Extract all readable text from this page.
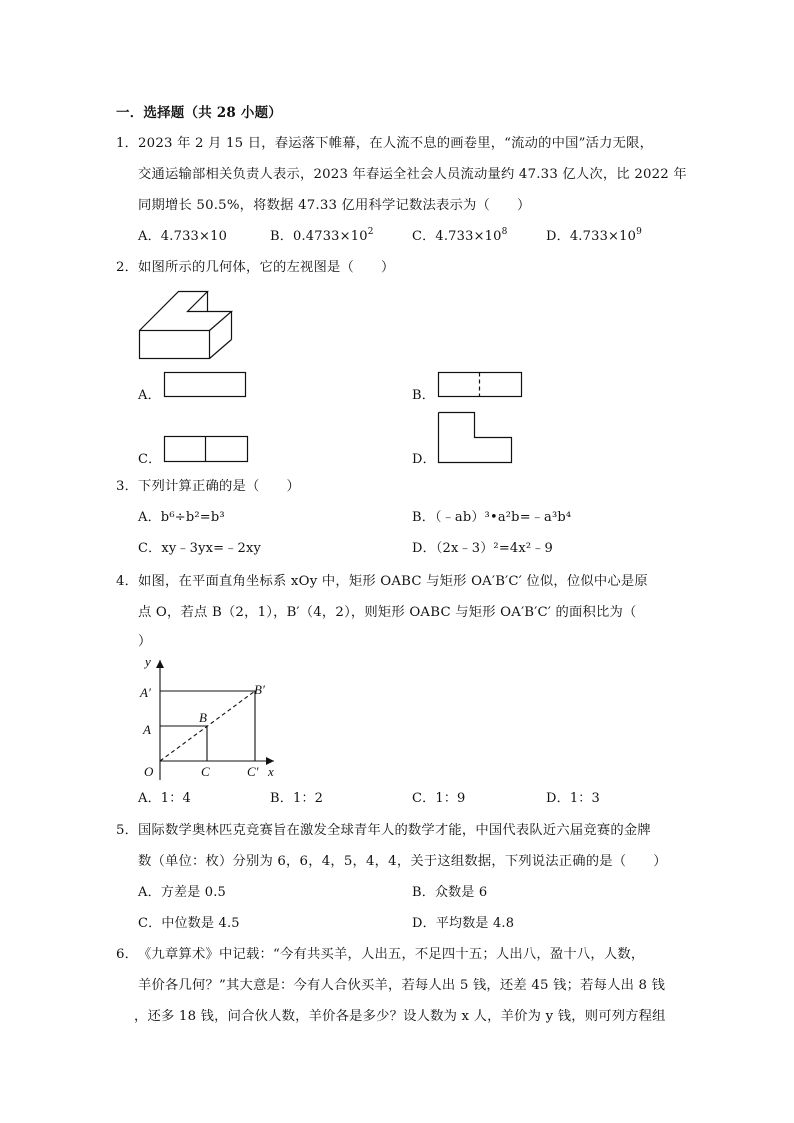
一．选择题（共 28 小题）
1． 2023 年 2 月 15 日，春运落下帷幕，在人流不息的画卷里，“流动的中国”活力无限，
交通运输部相关负责人表示，2023 年春运全社会人员流动量约 47.33 亿人次，比 2022 年
同期增长 50.5%，将数据 47.33 亿用科学记数法表示为（　　）
A．4.733×10	B．$0.4733\times 10^2$	C．$4.733\times 10^8$	D．$4.733\times 10^9$
2． 如图所示的几何体，它的左视图是（　　）
A．	B．
C．	D．
3． 下列计算正确的是（　　）
A．b⁶÷b²=b³	B．（﹣ab）³•a²b=﹣a³b⁴
C．xy﹣3yx=﹣2xy	D．（2x﹣3）²=4x²﹣9
4． 如图，在平面直角坐标系 xOy 中，矩形 OABC 与矩形 OA′B′C′ 位似，位似中心是原
点 O，若点 B（2，1），B′（4，2），则矩形 OABC 与矩形 OA′B′C′ 的面积比为（
）
y
x
O
A
A′
B
B′
C	C′
A．1：4	B．1：2	C．1：9	D．1：3
5． 国际数学奥林匹克竞赛旨在激发全球青年人的数学才能，中国代表队近六届竞赛的金牌
数（单位：枚）分别为 6，6，4，5，4，4，关于这组数据，下列说法正确的是（　　）
A．方差是 0.5	B．众数是 6
C．中位数是 4.5	D．平均数是 4.8
6． 《九章算术》中记载：“今有共买羊，人出五，不足四十五；人出八，盈十八，人数，
羊价各几何？”其大意是：今有人合伙买羊，若每人出 5 钱，还差 45 钱；若每人出 8 钱
，还多 18 钱，问合伙人数，羊价各是多少？设人数为 x 人，羊价为 y 钱，则可列方程组
